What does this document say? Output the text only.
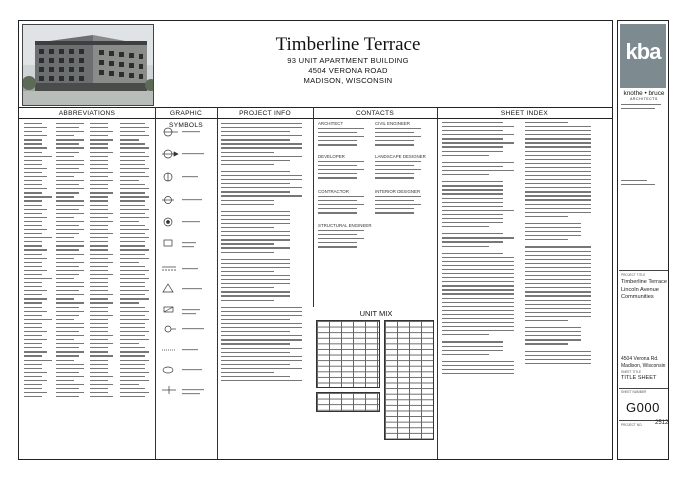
Timberline Terrace
93 UNIT APARTMENT BUILDING
4504 VERONA ROAD
MADISON, WISCONSIN
ABBREVIATIONS	GRAPHIC SYMBOLS
PROJECT INFO	CONTACTS	SHEET INDEX
ARCHITECT	CIVIL ENGINEER
DEVELOPER	LANDSCAPE DESIGNER
CONTRACTOR	INTERIOR DESIGNER
STRUCTURAL ENGINEER
UNIT MIX
kba
knothe • bruce
ARCHITECTS
PROJECT TITLE
Timberline Terrace
Lincoln Avenue Communities
4504 Verona Rd.
Madison, Wisconsin
SHEET TITLE
TITLE SHEET
SHEET NUMBER
G000
PROJECT NO. 2512
